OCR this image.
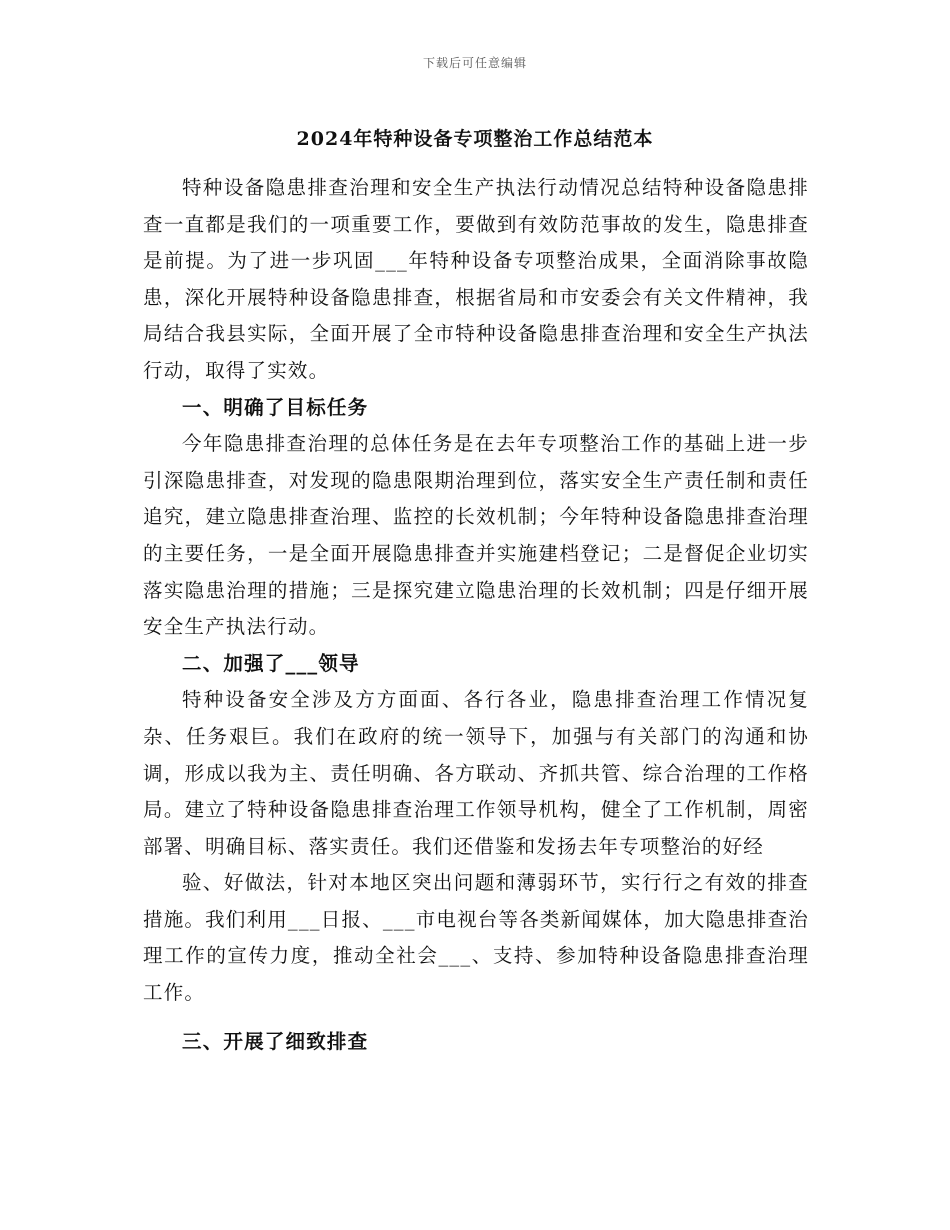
下载后可任意编辑
2024年特种设备专项整治工作总结范本

特种设备隐患排查治理和安全生产执法行动情况总结特种设备隐患排查一直都是我们的一项重要工作，要做到有效防范事故的发生，隐患排查是前提。为了进一步巩固___年特种设备专项整治成果，全面消除事故隐患，深化开展特种设备隐患排查，根据省局和市安委会有关文件精神，我局结合我县实际，全面开展了全市特种设备隐患排查治理和安全生产执法行动，取得了实效。

一、明确了目标任务

今年隐患排查治理的总体任务是在去年专项整治工作的基础上进一步引深隐患排查，对发现的隐患限期治理到位，落实安全生产责任制和责任追究，建立隐患排查治理、监控的长效机制；今年特种设备隐患排查治理的主要任务，一是全面开展隐患排查并实施建档登记；二是督促企业切实落实隐患治理的措施；三是探究建立隐患治理的长效机制；四是仔细开展安全生产执法行动。

二、加强了___领导

特种设备安全涉及方方面面、各行各业，隐患排查治理工作情况复杂、任务艰巨。我们在政府的统一领导下，加强与有关部门的沟通和协调，形成以我为主、责任明确、各方联动、齐抓共管、综合治理的工作格局。建立了特种设备隐患排查治理工作领导机构，健全了工作机制，周密部署、明确目标、落实责任。我们还借鉴和发扬去年专项整治的好经

验、好做法，针对本地区突出问题和薄弱环节，实行行之有效的排查措施。我们利用___日报、___市电视台等各类新闻媒体，加大隐患排查治理工作的宣传力度，推动全社会___、支持、参加特种设备隐患排查治理工作。

三、开展了细致排查
